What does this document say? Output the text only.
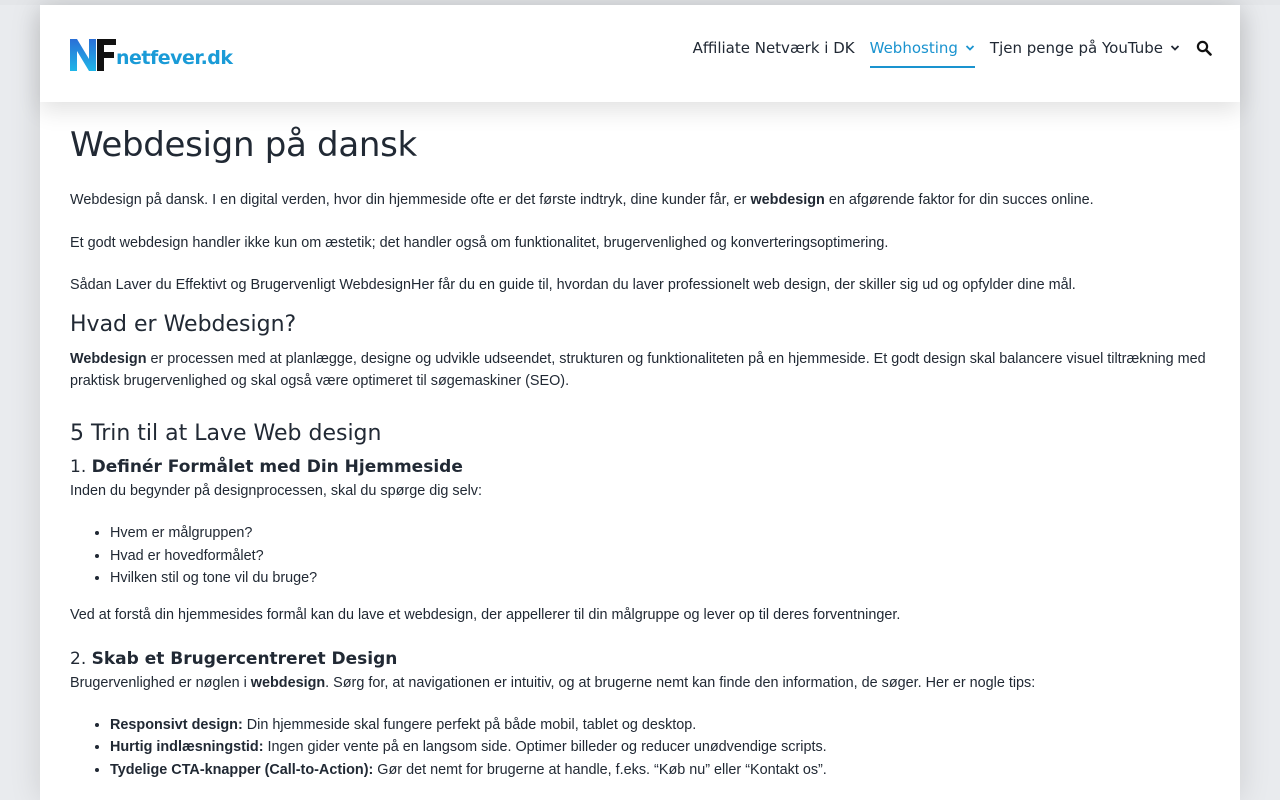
netfever.dk	Affiliate Netværk i DK Webhosting Tjen penge på YouTube
Webdesign på dansk

Webdesign på dansk. I en digital verden, hvor din hjemmeside ofte er det første indtryk, dine kunder får, er webdesign en afgørende faktor for din succes online.

Et godt webdesign handler ikke kun om æstetik; det handler også om funktionalitet, brugervenlighed og konverteringsoptimering.

Sådan Laver du Effektivt og Brugervenligt WebdesignHer får du en guide til, hvordan du laver professionelt web design, der skiller sig ud og opfylder dine mål.

Hvad er Webdesign?

Webdesign er processen med at planlægge, designe og udvikle udseendet, strukturen og funktionaliteten på en hjemmeside. Et godt design skal balancere visuel tiltrækning med praktisk brugervenlighed og skal også være optimeret til søgemaskiner (SEO).

5 Trin til at Lave Web design
1. Definér Formålet med Din Hjemmeside

Inden du begynder på designprocessen, skal du spørge dig selv:

• Hvem er målgruppen?
• Hvad er hovedformålet?
• Hvilken stil og tone vil du bruge?

Ved at forstå din hjemmesides formål kan du lave et webdesign, der appellerer til din målgruppe og lever op til deres forventninger.

2. Skab et Brugercentreret Design

Brugervenlighed er nøglen i webdesign. Sørg for, at navigationen er intuitiv, og at brugerne nemt kan finde den information, de søger. Her er nogle tips:

• Responsivt design: Din hjemmeside skal fungere perfekt på både mobil, tablet og desktop.
• Hurtig indlæsningstid: Ingen gider vente på en langsom side. Optimer billeder og reducer unødvendige scripts.
• Tydelige CTA-knapper (Call-to-Action): Gør det nemt for brugerne at handle, f.eks. “Køb nu” eller “Kontakt os”.
